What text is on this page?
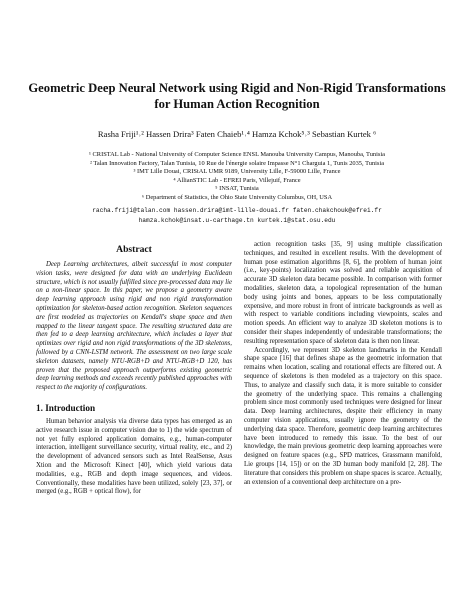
Geometric Deep Neural Network using Rigid and Non-Rigid Transformations
for Human Action Recognition
Rasha Friji¹˒² Hassen Drira³ Faten Chaieb¹˒⁴ Hamza Kchok⁵˒³ Sebastian Kurtek ⁶
¹ CRISTAL Lab - National University of Computer Science ENSL Manouba University Campus, Manouba, Tunisia
² Talan Innovation Factory, Talan Tunisia, 10 Rue de l'énergie solaire Impasse N°1 Charguia 1, Tunis 2035, Tunisia
³ IMT Lille Douai, CRIStAL UMR 9189, University Lille, F-59000 Lille, France
⁴ AllianSTIC Lab - EFREI Paris, Villejuif, France
⁵ INSAT, Tunisia
⁶ Department of Statistics, the Ohio State University Columbus, OH, USA
racha.friji@talan.com hassen.drira@imt-lille-douai.fr faten.chakchouk@efrei.fr
hamza.kchok@insat.u-carthage.tn kurtek.1@stat.osu.edu
Abstract

Deep Learning architectures, albeit successful in most computer vision tasks, were designed for data with an underlying Euclidean structure, which is not usually fulfilled since pre-processed data may lie on a non-linear space. In this paper, we propose a geometry aware deep learning approach using rigid and non rigid transformation optimization for skeleton-based action recognition. Skeleton sequences are first modeled as trajectories on Kendall's shape space and then mapped to the linear tangent space. The resulting structured data are then fed to a deep learning architecture, which includes a layer that optimizes over rigid and non rigid transformations of the 3D skeletons, followed by a CNN-LSTM network. The assessment on two large scale skeleton datasets, namely NTU-RGB+D and NTU-RGB+D 120, has proven that the proposed approach outperforms existing geometric deep learning methods and exceeds recently published approaches with respect to the majority of configurations.

1. Introduction

Human behavior analysis via diverse data types has emerged as an active research issue in computer vision due to 1) the wide spectrum of not yet fully explored application domains, e.g., human-computer interaction, intelligent surveillance security, virtual reality, etc., and 2) the development of advanced sensors such as Intel RealSense, Asus Xtion and the Microsoft Kinect [40], which yield various data modalities, e.g., RGB and depth image sequences, and videos. Conventionally, these modalities have been utilized, solely [23, 37], or merged (e.g., RGB + optical flow), for

action recognition tasks [35, 9] using multiple classification techniques, and resulted in excellent results. With the development of human pose estimation algorithms [8, 6], the problem of human joint (i.e., key-points) localization was solved and reliable acquisition of accurate 3D skeleton data became possible. In comparison with former modalities, skeleton data, a topological representation of the human body using joints and bones, appears to be less computationally expensive, and more robust in front of intricate backgrounds as well as with respect to variable conditions including viewpoints, scales and motion speeds. An efficient way to analyze 3D skeleton motions is to consider their shapes independently of undesirable transformations; the resulting representation space of skeleton data is then non linear.

Accordingly, we represent 3D skeleton landmarks in the Kendall shape space [16] that defines shape as the geometric information that remains when location, scaling and rotational effects are filtered out. A sequence of skeletons is then modeled as a trajectory on this space. Thus, to analyze and classify such data, it is more suitable to consider the geometry of the underlying space. This remains a challenging problem since most commonly used techniques were designed for linear data. Deep learning architectures, despite their efficiency in many computer vision applications, usually ignore the geometry of the underlying data space. Therefore, geometric deep learning architectures have been introduced to remedy this issue. To the best of our knowledge, the main previous geometric deep learning approaches were designed on feature spaces (e.g., SPD matrices, Grassmann manifold, Lie groups [14, 15]) or on the 3D human body manifold [2, 28]. The literature that considers this problem on shape spaces is scarce. Actually, an extension of a conventional deep architecture on a pre-
